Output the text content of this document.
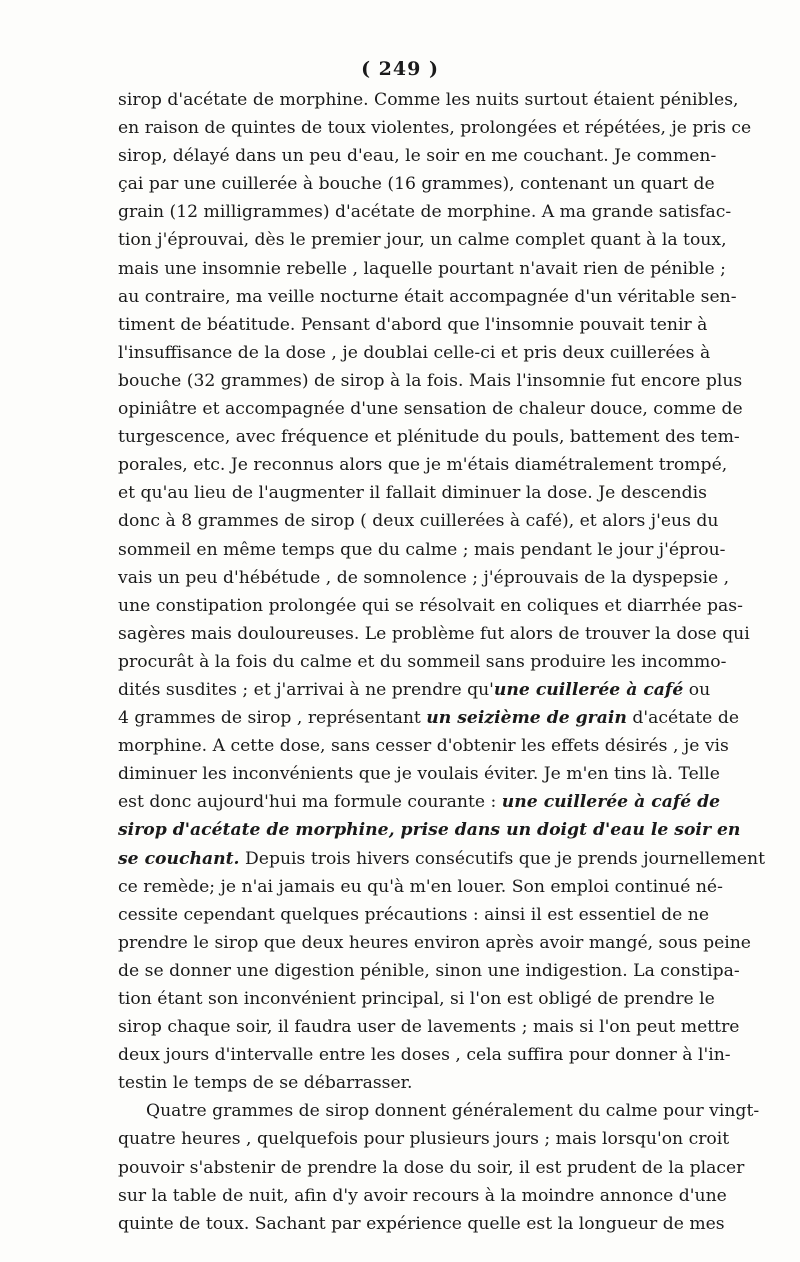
( 249 )
sirop d'acétate de morphine. Comme les nuits surtout étaient pénibles,
en raison de quintes de toux violentes, prolongées et répétées, je pris ce
sirop, délayé dans un peu d'eau, le soir en me couchant. Je commen-
çai par une cuillerée à bouche (16 grammes), contenant un quart de
grain (12 milligrammes) d'acétate de morphine. A ma grande satisfac-
tion j'éprouvai, dès le premier jour, un calme complet quant à la toux,
mais une insomnie rebelle , laquelle pourtant n'avait rien de pénible ;
au contraire, ma veille nocturne était accompagnée d'un véritable sen-
timent de béatitude. Pensant d'abord que l'insomnie pouvait tenir à
l'insuffisance de la dose , je doublai celle-ci et pris deux cuillerées à
bouche (32 grammes) de sirop à la fois. Mais l'insomnie fut encore plus
opiniâtre et accompagnée d'une sensation de chaleur douce, comme de
turgescence, avec fréquence et plénitude du pouls, battement des tem-
porales, etc. Je reconnus alors que je m'étais diamétralement trompé,
et qu'au lieu de l'augmenter il fallait diminuer la dose. Je descendis
donc à 8 grammes de sirop ( deux cuillerées à café), et alors j'eus du
sommeil en même temps que du calme ; mais pendant le jour j'éprou-
vais un peu d'hébétude , de somnolence ; j'éprouvais de la dyspepsie ,
une constipation prolongée qui se résolvait en coliques et diarrhée pas-
sagères mais douloureuses. Le problème fut alors de trouver la dose qui
procurât à la fois du calme et du sommeil sans produire les incommo-
dités susdites ; et j'arrivai à ne prendre qu'une cuillerée à café ou
4 grammes de sirop , représentant un seizième de grain d'acétate de
morphine. A cette dose, sans cesser d'obtenir les effets désirés , je vis
diminuer les inconvénients que je voulais éviter. Je m'en tins là. Telle
est donc aujourd'hui ma formule courante : une cuillerée à café de
sirop d'acétate de morphine, prise dans un doigt d'eau le soir en
se couchant. Depuis trois hivers consécutifs que je prends journellement
ce remède; je n'ai jamais eu qu'à m'en louer. Son emploi continué né-
cessite cependant quelques précautions : ainsi il est essentiel de ne
prendre le sirop que deux heures environ après avoir mangé, sous peine
de se donner une digestion pénible, sinon une indigestion. La constipa-
tion étant son inconvénient principal, si l'on est obligé de prendre le
sirop chaque soir, il faudra user de lavements ; mais si l'on peut mettre
deux jours d'intervalle entre les doses , cela suffira pour donner à l'in-
testin le temps de se débarrasser.
Quatre grammes de sirop donnent généralement du calme pour vingt-
quatre heures , quelquefois pour plusieurs jours ; mais lorsqu'on croit
pouvoir s'abstenir de prendre la dose du soir, il est prudent de la placer
sur la table de nuit, afin d'y avoir recours à la moindre annonce d'une
quinte de toux. Sachant par expérience quelle est la longueur de mes
